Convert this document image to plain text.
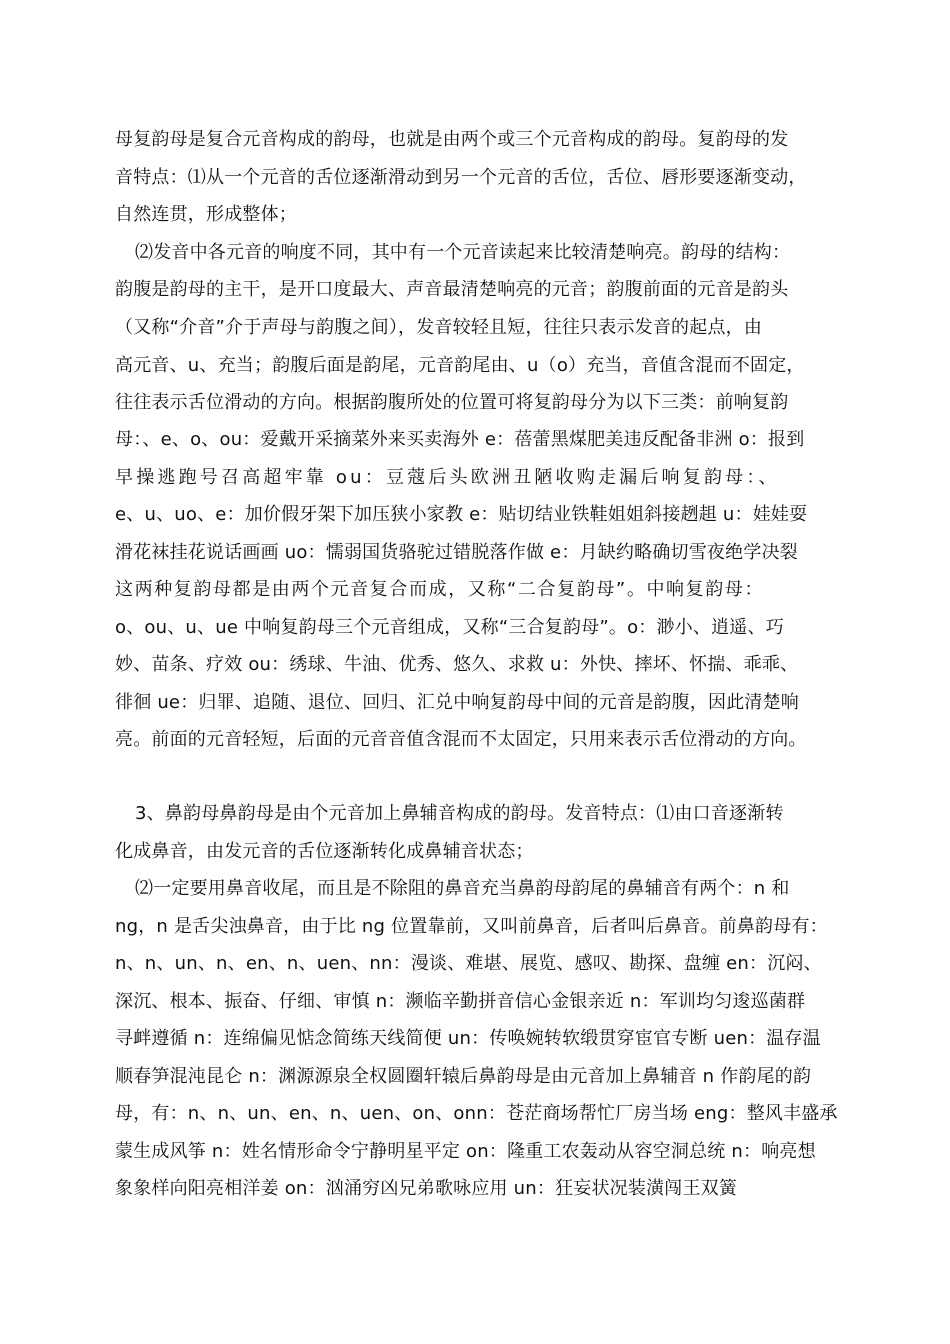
母复韵母是复合元音构成的韵母，也就是由两个或三个元音构成的韵母。复韵母的发
音特点：⑴从一个元音的舌位逐渐滑动到另一个元音的舌位，舌位、唇形要逐渐变动，
自然连贯，形成整体；
⑵发音中各元音的响度不同，其中有一个元音读起来比较清楚响亮。韵母的结构：
韵腹是韵母的主干，是开口度最大、声音最清楚响亮的元音；韵腹前面的元音是韵头
（又称“介音”介于声母与韵腹之间），发音较轻且短，往往只表示发音的起点，由
高元音、u、充当；韵腹后面是韵尾，元音韵尾由、u（o）充当，音值含混而不固定，
往往表示舌位滑动的方向。根据韵腹所处的位置可将复韵母分为以下三类：前响复韵
母：、e、o、ou：爱戴开采摘菜外来买卖海外 e：蓓蕾黑煤肥美违反配备非洲 o：报到
早操逃跑号召高超牢靠 ou：豆蔻后头欧洲丑陋收购走漏后响复韵母：、
e、u、uo、e：加价假牙架下加压狭小家教 e：贴切结业铁鞋姐姐斜接趔趄 u：娃娃耍
滑花袜挂花说话画画 uo：懦弱国货骆驼过错脱落作做 e：月缺约略确切雪夜绝学决裂
这两种复韵母都是由两个元音复合而成，又称“二合复韵母”。中响复韵母：
o、ou、u、ue 中响复韵母三个元音组成，又称“三合复韵母”。o：渺小、逍遥、巧
妙、苗条、疗效 ou：绣球、牛油、优秀、悠久、求救 u：外快、摔坏、怀揣、乖乖、
徘徊 ue：归罪、追随、退位、回归、汇兑中响复韵母中间的元音是韵腹，因此清楚响
亮。前面的元音轻短，后面的元音音值含混而不太固定，只用来表示舌位滑动的方向。
3、鼻韵母鼻韵母是由个元音加上鼻辅音构成的韵母。发音特点：⑴由口音逐渐转
化成鼻音，由发元音的舌位逐渐转化成鼻辅音状态；
⑵一定要用鼻音收尾，而且是不除阻的鼻音充当鼻韵母韵尾的鼻辅音有两个：n 和
ng，n 是舌尖浊鼻音，由于比 ng 位置靠前，又叫前鼻音，后者叫后鼻音。前鼻韵母有：
n、n、un、n、en、n、uen、nn：漫谈、难堪、展览、感叹、勘探、盘缠 en：沉闷、
深沉、根本、振奋、仔细、审慎 n：濒临辛勤拼音信心金银亲近 n：军训均匀逡巡菌群
寻衅遵循 n：连绵偏见惦念简练天线简便 un：传唤婉转软缎贯穿宦官专断 uen：温存温
顺春笋混沌昆仑 n：渊源源泉全权圆圈轩辕后鼻韵母是由元音加上鼻辅音 n 作韵尾的韵
母，有：n、n、un、en、n、uen、on、onn：苍茫商场帮忙厂房当场 eng：整风丰盛承
蒙生成风筝 n：姓名情形命令宁静明星平定 on：隆重工农轰动从容空洞总统 n：响亮想
象象样向阳亮相洋姜 on：汹涌穷凶兄弟歌咏应用 un：狂妄状况装潢闯王双簧
